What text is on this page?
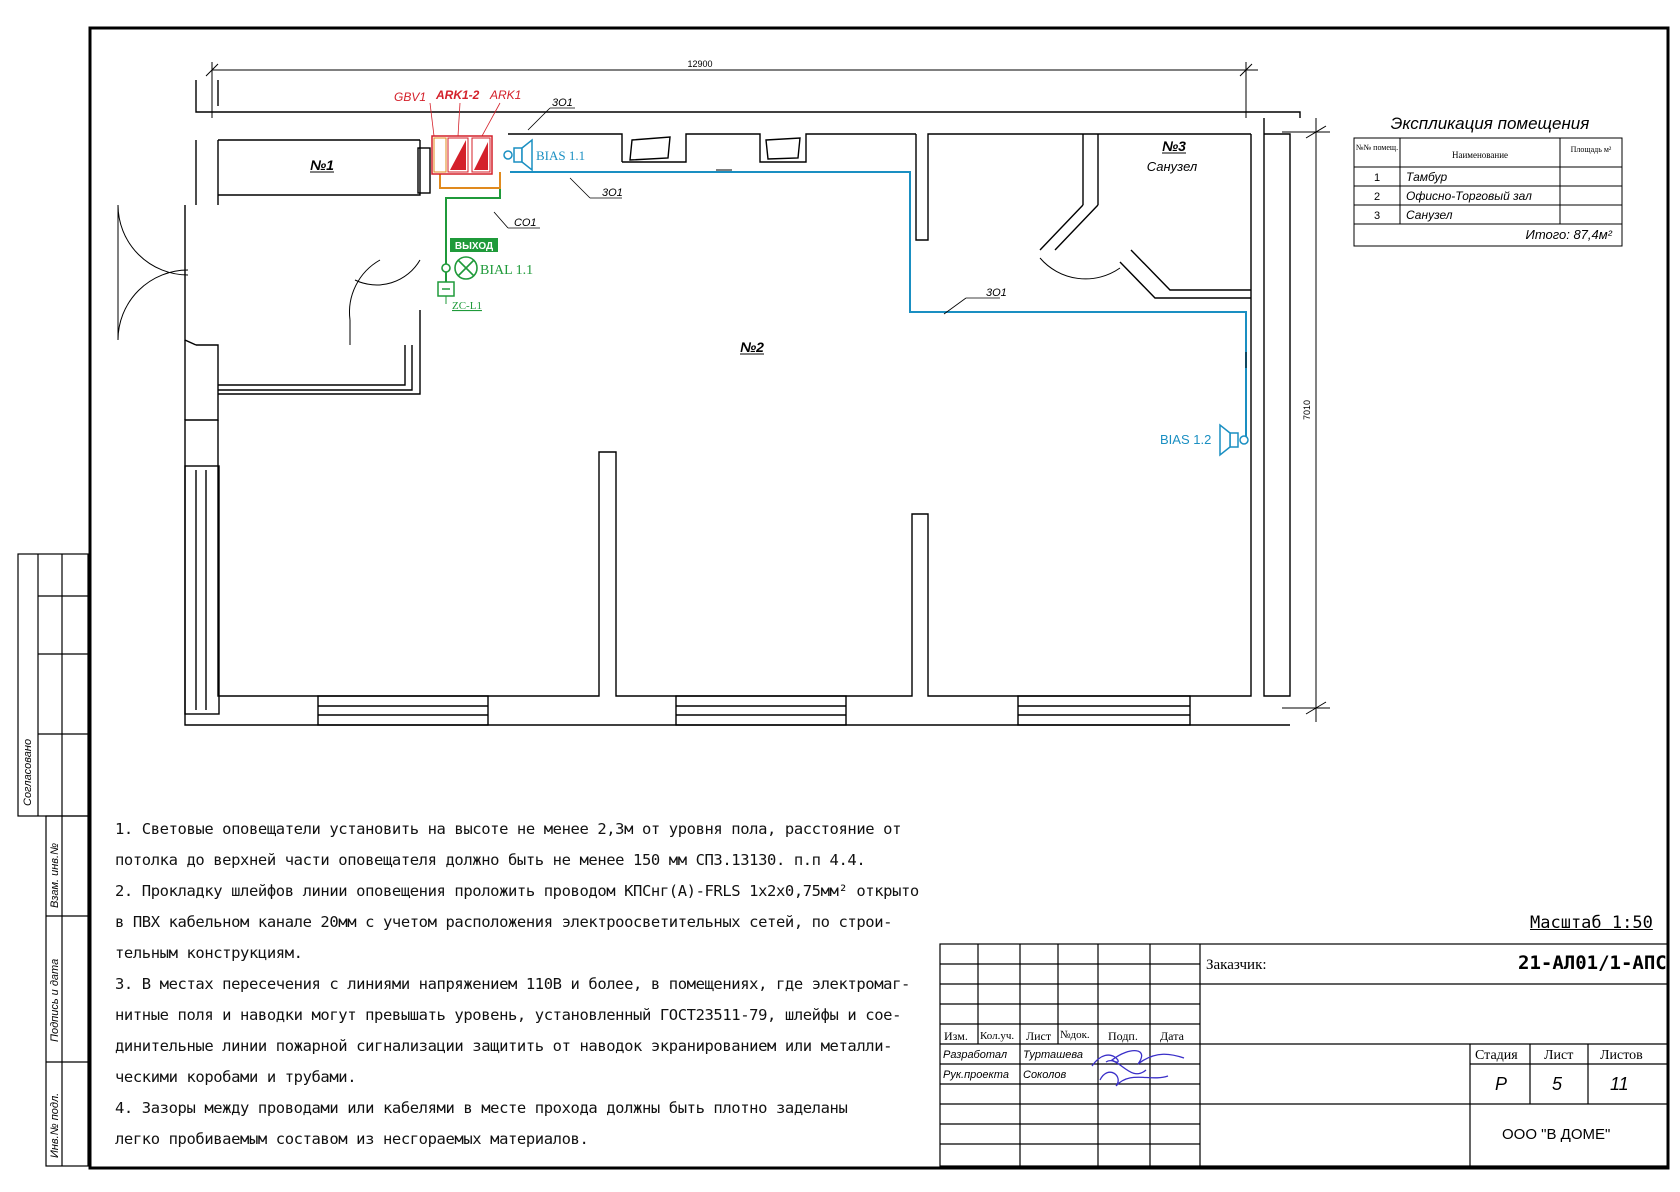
12900
7010
№1
№2
№3
Санузел
3О1
3О1
3О1
СО1
GBV1 ARK1-2 ARK1
BIAS 1.1
BIAS 1.2
ВЫХОД
BIAL 1.1
ZC-L1
Экспликация помещения
№№ помещ.
Наименование
Площадь м²
1 Тамбур
2 Офисно-Торговый зал
3 Санузел
Итого: 87,4м²
1. Световые оповещатели установить на высоте не менее 2,3м от уровня пола, расстояние от
потолка до верхней части оповещателя должно быть не менее 150 мм СП3.13130. п.п 4.4.
2. Прокладку шлейфов линии оповещения проложить проводом КПСнг(А)-FRLS 1х2х0,75мм² открыто
в ПВХ кабельном канале 20мм с учетом расположения электроосветительных сетей, по строи-
тельным конструкциям.
3. В местах пересечения с линиями напряжением 110В и более, в помещениях, где электромаг-
нитные поля и наводки могут превышать уровень, установленный ГОСТ23511-79, шлейфы и сое-
динительные линии пожарной сигнализации защитить от наводок экранированием или металли-
ческими коробами и трубами.
4. Зазоры между проводами или кабелями в месте прохода должны быть плотно заделаны
легко пробиваемым составом из несгораемых материалов.
Масштаб 1:50
Заказчик:	21-АЛ01/1-АПС
Изм. Кол.уч. Лист №док. Подп. Дата
Разработал Турташева
Рук.проекта Соколов
Стадия Лист Листов
Р 5	11
ООО "В ДОМЕ"
Согласовано
Взам. инв.№
Подпись и дата
Инв.№ подл.
